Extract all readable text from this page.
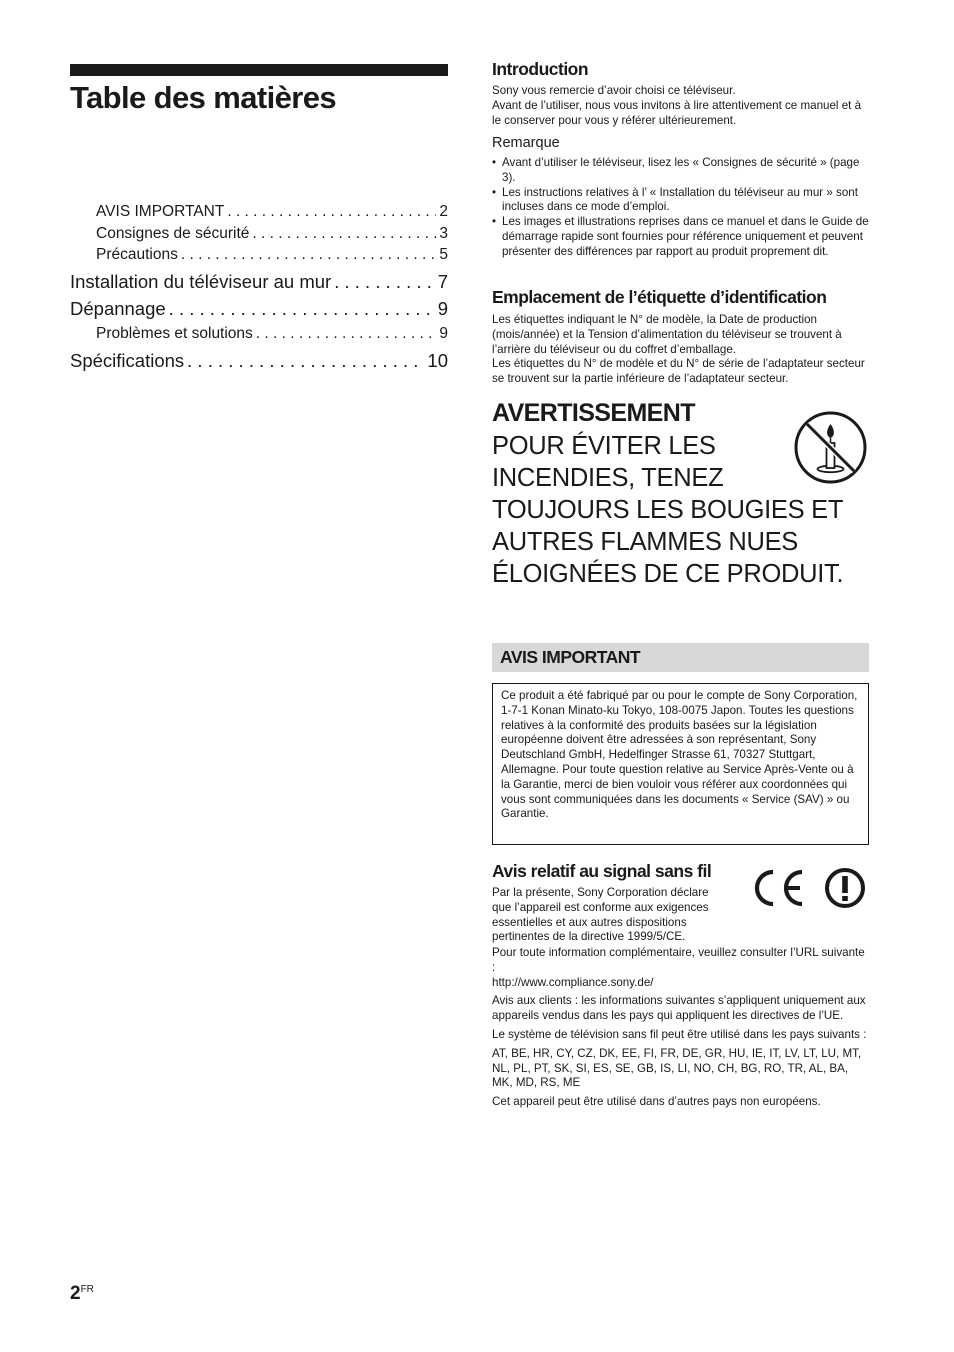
Table des matières
AVIS IMPORTANT . . .	2
Consignes de sécurité . . .	3
Précautions . . .	5
Installation du téléviseur au mur . . .	7
Dépannage . . .	9
Problèmes et solutions . . .	9
Spécifications . . .	10
Introduction

Sony vous remercie d’avoir choisi ce téléviseur.

Avant de l’utiliser, nous vous invitons à lire attentivement ce manuel et à le conserver pour vous y référer ultérieurement.

Remarque
• Avant d’utiliser le téléviseur, lisez les « Consignes de sécurité » (page 3).
• Les instructions relatives à l’ « Installation du téléviseur au mur » sont incluses dans ce mode d’emploi.
• Les images et illustrations reprises dans ce manuel et dans le Guide de démarrage rapide sont fournies pour référence uniquement et peuvent présenter des différences par rapport au produit proprement dit.
Emplacement de l’étiquette d’identification

Les étiquettes indiquant le N° de modèle, la Date de production (mois/année) et la Tension d’alimentation du téléviseur se trouvent à l’arrière du téléviseur ou du coffret d’emballage.

Les étiquettes du N° de modèle et du N° de série de l’adaptateur secteur se trouvent sur la partie inférieure de l’adaptateur secteur.

AVERTISSEMENT
POUR ÉVITER LES
INCENDIES, TENEZ
TOUJOURS LES BOUGIES ET
AUTRES FLAMMES NUES
ÉLOIGNÉES DE CE PRODUIT.
AVIS IMPORTANT

Ce produit a été fabriqué par ou pour le compte de Sony Corporation, 1-7-1 Konan Minato-ku Tokyo, 108-0075 Japon. Toutes les questions relatives à la conformité des produits basées sur la législation européenne doivent être adressées à son représentant, Sony Deutschland GmbH, Hedelfinger Strasse 61, 70327 Stuttgart, Allemagne. Pour toute question relative au Service Après-Vente ou à la Garantie, merci de bien vouloir vous référer aux coordonnées qui vous sont communiquées dans les documents « Service (SAV) » ou Garantie.

Avis relatif au signal sans fil

Par la présente, Sony Corporation déclare

que l’appareil est conforme aux exigences

essentielles et aux autres dispositions

pertinentes de la directive 1999/5/CE.

Pour toute information complémentaire, veuillez consulter l’URL suivante :

http://www.compliance.sony.de/

Avis aux clients : les informations suivantes s’appliquent uniquement aux appareils vendus dans les pays qui appliquent les directives de l’UE.

Le système de télévision sans fil peut être utilisé dans les pays suivants :

AT, BE, HR, CY, CZ, DK, EE, FI, FR, DE, GR, HU, IE, IT, LV, LT, LU, MT, NL, PL, PT, SK, SI, ES, SE, GB, IS, LI, NO, CH, BG, RO, TR, AL, BA, MK, MD, RS, ME

Cet appareil peut être utilisé dans d’autres pays non européens.

$2^{FR}$
